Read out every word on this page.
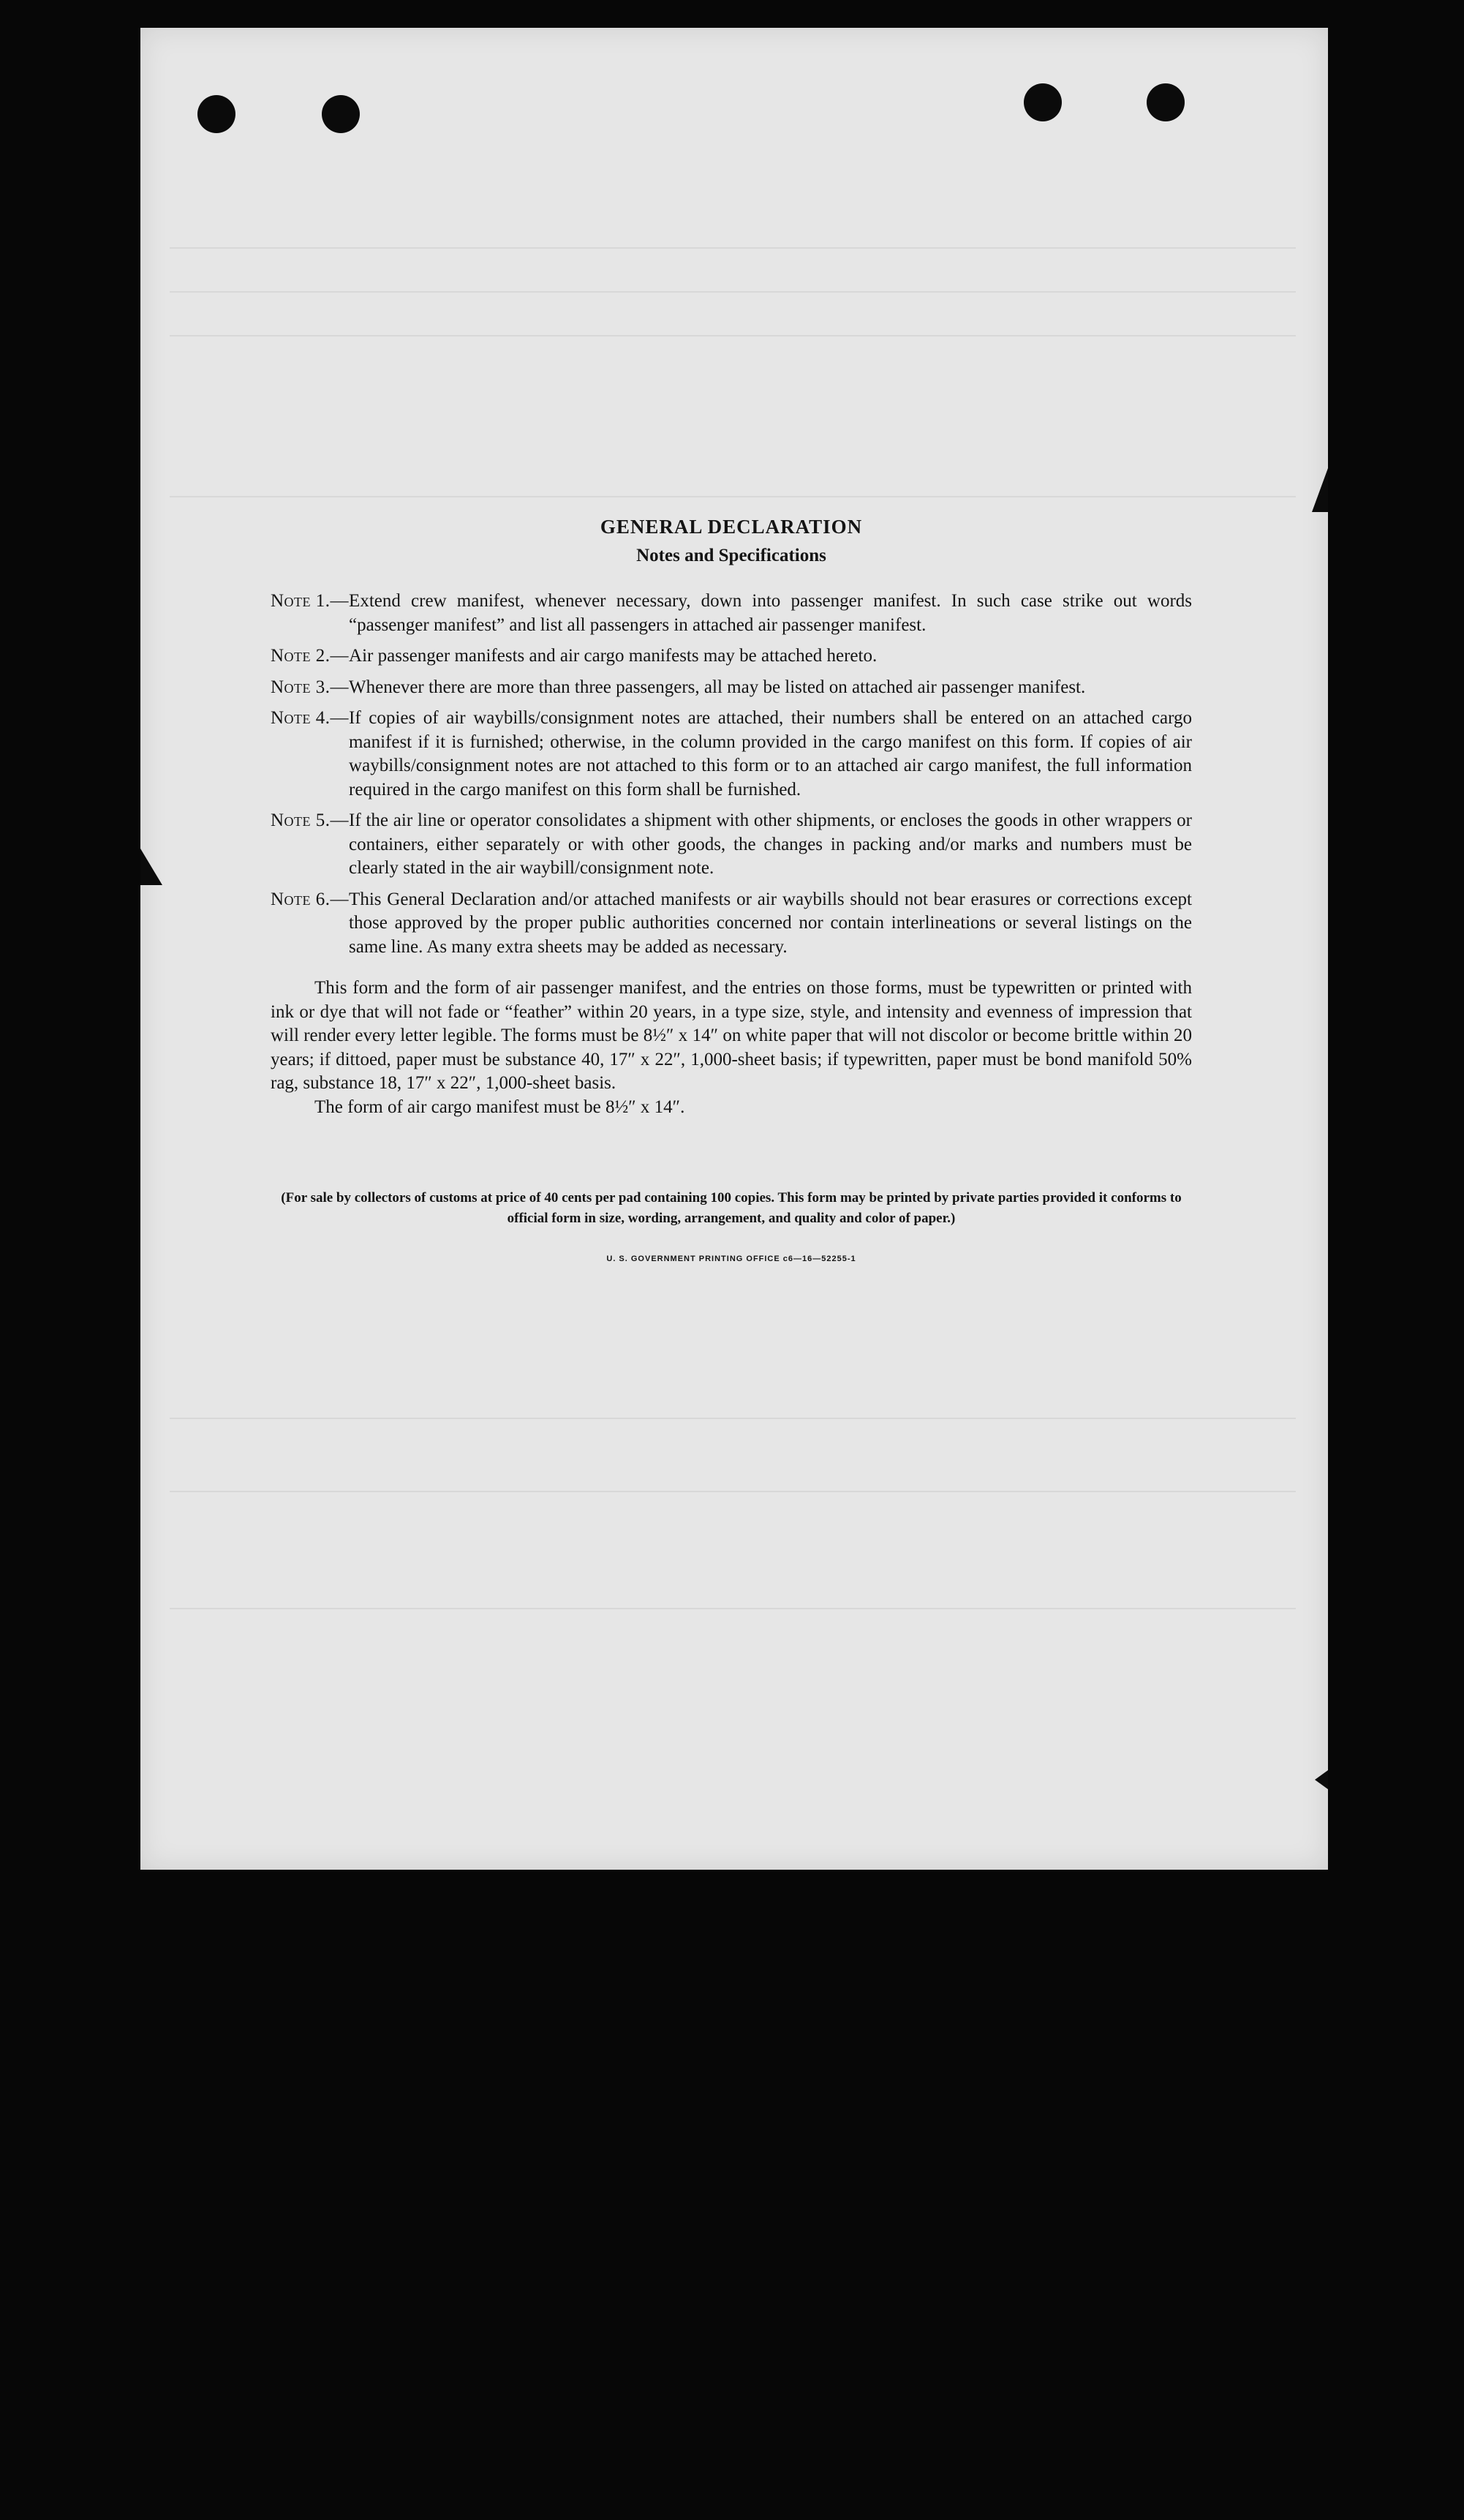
GENERAL DECLARATION

Notes and Specifications

Note 1.— Extend crew manifest, whenever necessary, down into passenger manifest. In such case strike out words “passenger manifest” and list all passengers in attached air passenger manifest.
Note 2.— Air passenger manifests and air cargo manifests may be attached hereto.
Note 3.— Whenever there are more than three passengers, all may be listed on attached air passenger manifest.
Note 4.— If copies of air waybills/consignment notes are attached, their numbers shall be entered on an attached cargo manifest if it is furnished; otherwise, in the column provided in the cargo manifest on this form. If copies of air waybills/consignment notes are not attached to this form or to an attached air cargo manifest, the full information required in the cargo manifest on this form shall be furnished.
Note 5.— If the air line or operator consolidates a shipment with other shipments, or encloses the goods in other wrappers or containers, either separately or with other goods, the changes in packing and/or marks and numbers must be clearly stated in the air waybill/consignment note.
Note 6.— This General Declaration and/or attached manifests or air waybills should not bear erasures or corrections except those approved by the proper public authorities concerned nor contain interlineations or several listings on the same line. As many extra sheets may be added as necessary.

This form and the form of air passenger manifest, and the entries on those forms, must be typewritten or printed with ink or dye that will not fade or “feather” within 20 years, in a type size, style, and intensity and evenness of impression that will render every letter legible. The forms must be 8½″ x 14″ on white paper that will not discolor or become brittle within 20 years; if dittoed, paper must be substance 40, 17″ x 22″, 1,000-sheet basis; if typewritten, paper must be bond manifold 50% rag, substance 18, 17″ x 22″, 1,000-sheet basis.

The form of air cargo manifest must be 8½″ x 14″.

(For sale by collectors of customs at price of 40 cents per pad containing 100 copies. This form may be printed by private parties provided it conforms to official form in size, wording, arrangement, and quality and color of paper.)

U. S. GOVERNMENT PRINTING OFFICE c6—16—52255-1
